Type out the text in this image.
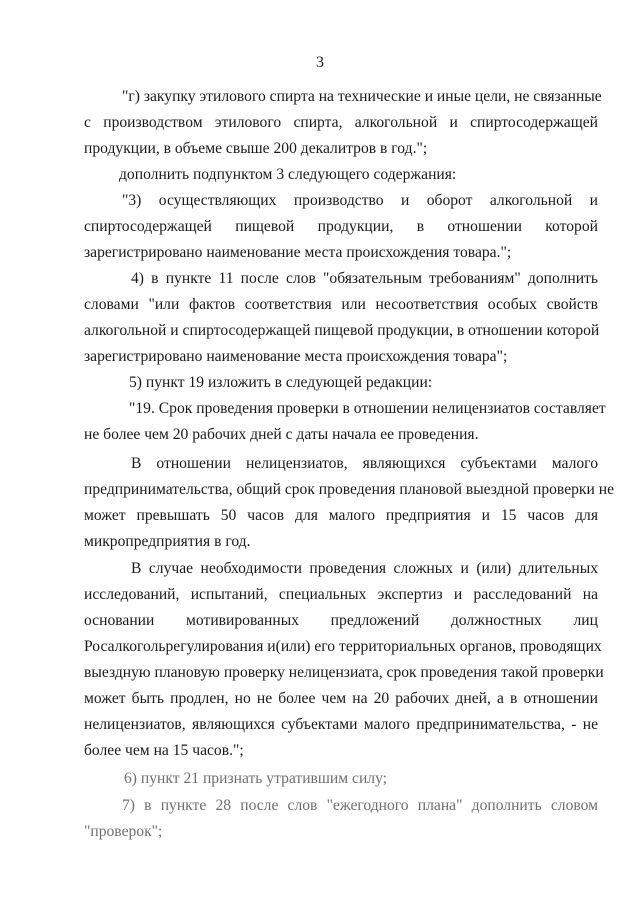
3
"г) закупку этилового спирта на технические и иные цели, не связанные
с производством этилового спирта, алкогольной и спиртосодержащей
продукции, в объеме свыше 200 декалитров в год.";
дополнить подпунктом 3 следующего содержания:
"3) осуществляющих производство и оборот алкогольной и
спиртосодержащей пищевой продукции, в отношении которой
зарегистрировано наименование места происхождения товара.";
4) в пункте 11 после слов "обязательным требованиям" дополнить
словами "или фактов соответствия или несоответствия особых свойств
алкогольной и спиртосодержащей пищевой продукции, в отношении которой
зарегистрировано наименование места происхождения товара";
5) пункт 19 изложить в следующей редакции:
"19. Срок проведения проверки в отношении нелицензиатов составляет
не более чем 20 рабочих дней с даты начала ее проведения.
В отношении нелицензиатов, являющихся субъектами малого
предпринимательства, общий срок проведения плановой выездной проверки не
может превышать 50 часов для малого предприятия и 15 часов для
микропредприятия в год.
В случае необходимости проведения сложных и (или) длительных
исследований, испытаний, специальных экспертиз и расследований на
основании мотивированных предложений должностных лиц
Росалкогольрегулирования и(или) его территориальных органов, проводящих
выездную плановую проверку нелицензиата, срок проведения такой проверки
может быть продлен, но не более чем на 20 рабочих дней, а в отношении
нелицензиатов, являющихся субъектами малого предпринимательства, - не
более чем на 15 часов.";
6) пункт 21 признать утратившим силу;
7) в пункте 28 после слов "ежегодного плана" дополнить словом
"проверок";
